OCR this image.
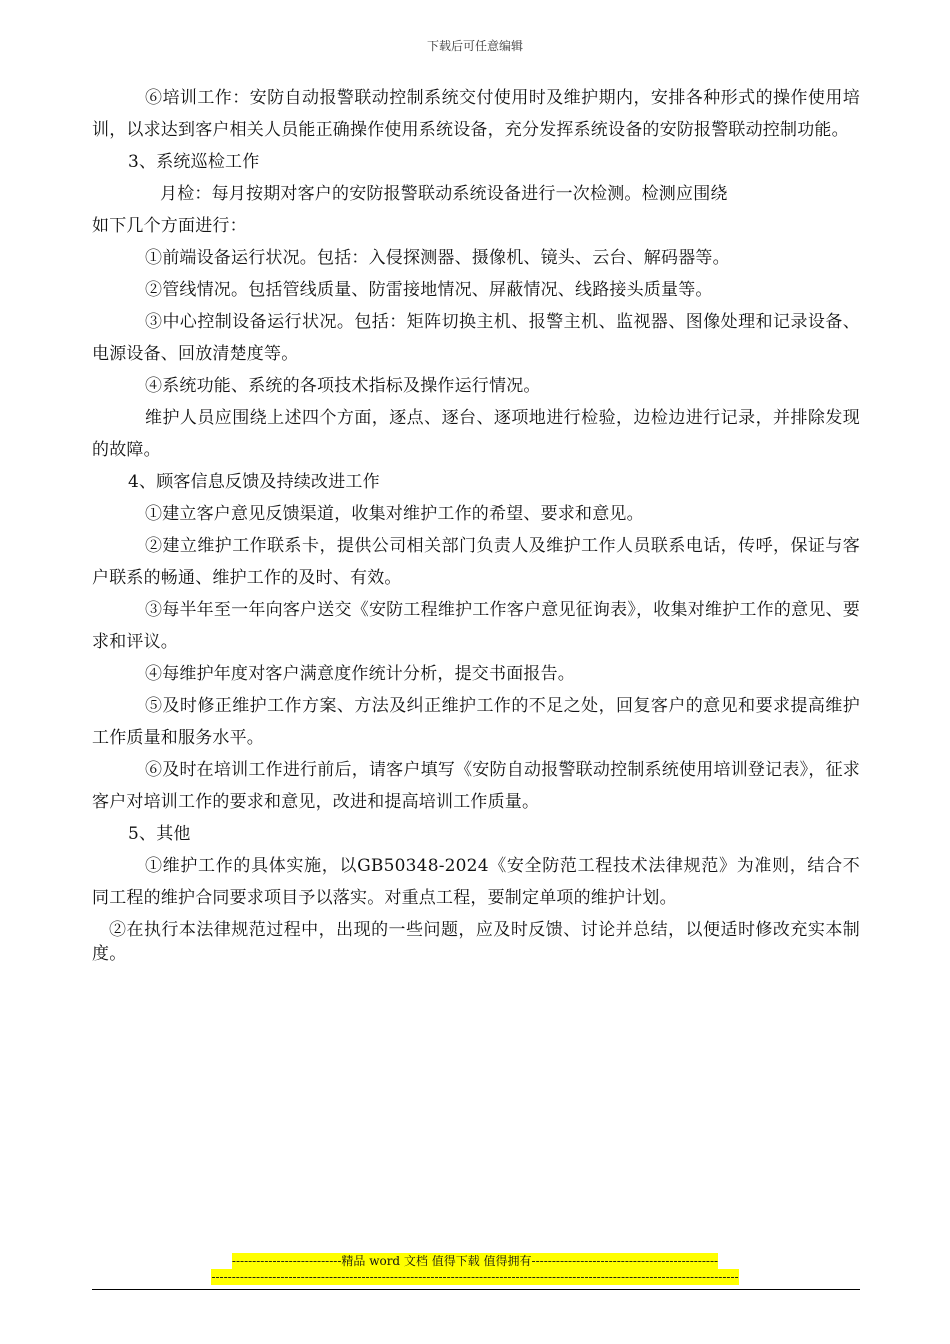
下载后可任意编辑

⑥培训工作：安防自动报警联动控制系统交付使用时及维护期内，安排各种形式的操作使用培训，以求达到客户相关人员能正确操作使用系统设备，充分发挥系统设备的安防报警联动控制功能。

3、系统巡检工作

月检：每月按期对客户的安防报警联动系统设备进行一次检测。检测应围绕

如下几个方面进行：

①前端设备运行状况。包括：入侵探测器、摄像机、镜头、云台、解码器等。

②管线情况。包括管线质量、防雷接地情况、屏蔽情况、线路接头质量等。

③中心控制设备运行状况。包括：矩阵切换主机、报警主机、监视器、图像处理和记录设备、电源设备、回放清楚度等。

④系统功能、系统的各项技术指标及操作运行情况。

维护人员应围绕上述四个方面，逐点、逐台、逐项地进行检验，边检边进行记录，并排除发现的故障。

4、顾客信息反馈及持续改进工作

①建立客户意见反馈渠道，收集对维护工作的希望、要求和意见。

②建立维护工作联系卡，提供公司相关部门负责人及维护工作人员联系电话，传呼，保证与客户联系的畅通、维护工作的及时、有效。

③每半年至一年向客户送交《安防工程维护工作客户意见征询表》，收集对维护工作的意见、要求和评议。

④每维护年度对客户满意度作统计分析，提交书面报告。

⑤及时修正维护工作方案、方法及纠正维护工作的不足之处，回复客户的意见和要求提高维护工作质量和服务水平。

⑥及时在培训工作进行前后，请客户填写《安防自动报警联动控制系统使用培训登记表》，征求客户对培训工作的要求和意见，改进和提高培训工作质量。

5、其他

①维护工作的具体实施，以GB50348-2024《安全防范工程技术法律规范》为准则，结合不同工程的维护合同要求项目予以落实。对重点工程，要制定单项的维护计划。

②在执行本法律规范过程中，出现的一些问题，应及时反馈、讨论并总结，以便适时修改充实本制度。

---------------------------精品 word 文档 值得下载 值得拥有----------------------------------------------
----------------------------------------------------------------------------------------------------------------------------------
